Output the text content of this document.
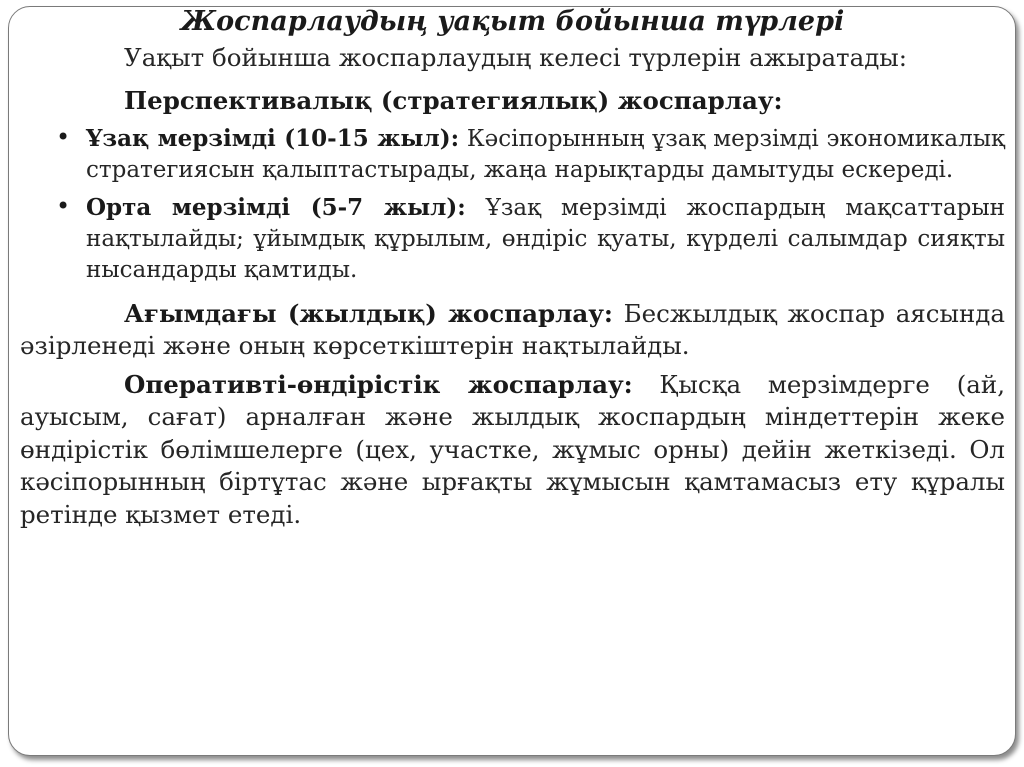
Жоспарлаудың уақыт бойынша түрлері

Уақыт бойынша жоспарлаудың келесі түрлерін ажыратады:

Перспективалық (стратегиялық) жоспарлау:

• Ұзақ мерзімді (10-15 жыл): Кәсіпорынның ұзақ мерзімді экономикалық стратегиясын қалыптастырады, жаңа нарықтарды дамытуды ескереді.

• Орта мерзімді (5-7 жыл): Ұзақ мерзімді жоспардың мақсаттарын нақтылайды; ұйымдық құрылым, өндіріс қуаты, күрделі салымдар сияқты нысандарды қамтиды.

Ағымдағы (жылдық) жоспарлау: Бесжылдық жоспар аясында әзірленеді және оның көрсеткіштерін нақтылайды.

Оперативті-өндірістік жоспарлау: Қысқа мерзімдерге (ай, ауысым, сағат) арналған және жылдық жоспардың міндеттерін жеке өндірістік бөлімшелерге (цех, участке, жұмыс орны) дейін жеткізеді. Ол кәсіпорынның біртұтас және ырғақты жұмысын қамтамасыз ету құралы ретінде қызмет етеді.
